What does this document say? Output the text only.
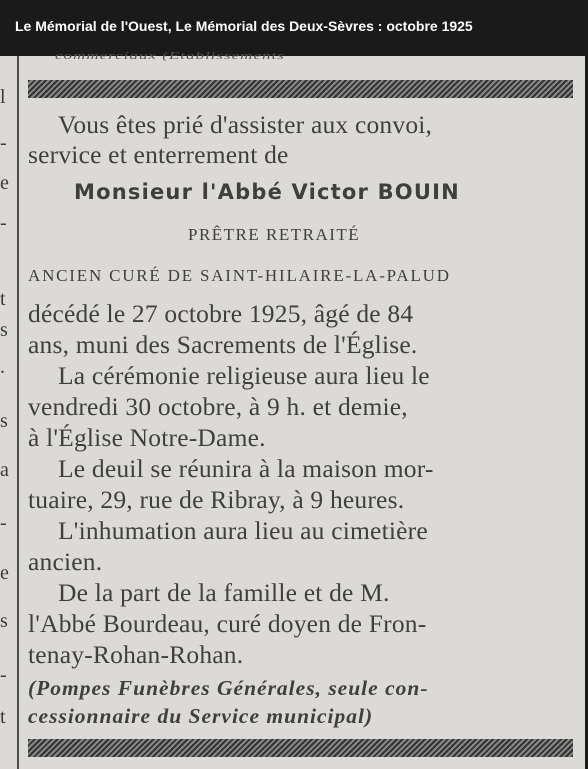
Le Mémorial de l'Ouest, Le Mémorial des Deux-Sèvres : octobre 1925
l
-
e
-
t
s
.
s
a
-
e
s
-
t
commerciaux (Etablissements
Vous êtes prié d'assister aux convoi,
service et enterrement de
Monsieur l'Abbé Victor BOUIN
PRÊTRE RETRAITÉ
ANCIEN CURÉ DE SAINT-HILAIRE-LA-PALUD
décédé le 27 octobre 1925, âgé de 84
ans, muni des Sacrements de l'Église.
La cérémonie religieuse aura lieu le
vendredi 30 octobre, à 9 h. et demie,
à l'Église Notre-Dame.
Le deuil se réunira à la maison mor-
tuaire, 29, rue de Ribray, à 9 heures.
L'inhumation aura lieu au cimetière
ancien.
De la part de la famille et de M.
l'Abbé Bourdeau, curé doyen de Fron-
tenay-Rohan-Rohan.
(Pompes Funèbres Générales, seule con-
cessionnaire du Service municipal)
